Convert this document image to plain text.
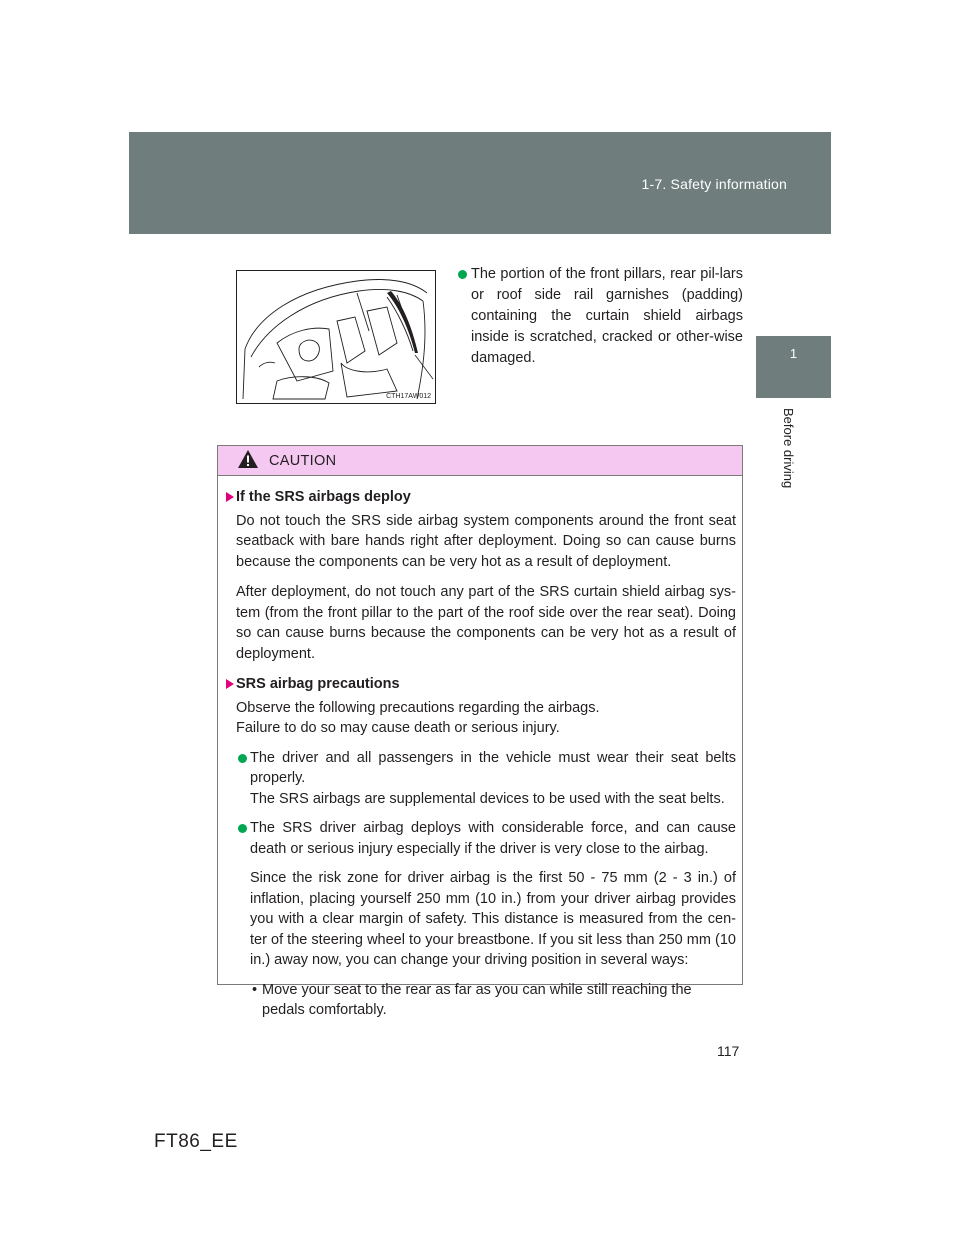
1-7. Safety information
1
Before driving
CTH17AW012
The portion of the front pillars, rear pil-lars or roof side rail garnishes (padding) containing the curtain shield airbags inside is scratched, cracked or other-wise damaged.
CAUTION
If the SRS airbags deploy
Do not touch the SRS side airbag system components around the front seat seatback with bare hands right after deployment. Doing so can cause burns because the components can be very hot as a result of deployment.
After deployment, do not touch any part of the SRS curtain shield airbag sys-tem (from the front pillar to the part of the roof side over the rear seat). Doing so can cause burns because the components can be very hot as a result of deployment.
SRS airbag precautions
Observe the following precautions regarding the airbags.
Failure to do so may cause death or serious injury.
The driver and all passengers in the vehicle must wear their seat belts properly.
The SRS airbags are supplemental devices to be used with the seat belts.
The SRS driver airbag deploys with considerable force, and can cause death or serious injury especially if the driver is very close to the airbag.
Since the risk zone for driver airbag is the first 50 - 75 mm (2 - 3 in.) of inflation, placing yourself 250 mm (10 in.) from your driver airbag provides you with a clear margin of safety. This distance is measured from the cen-ter of the steering wheel to your breastbone. If you sit less than 250 mm (10 in.) away now, you can change your driving position in several ways:
• Move your seat to the rear as far as you can while still reaching the pedals comfortably.
117
FT86_EE
